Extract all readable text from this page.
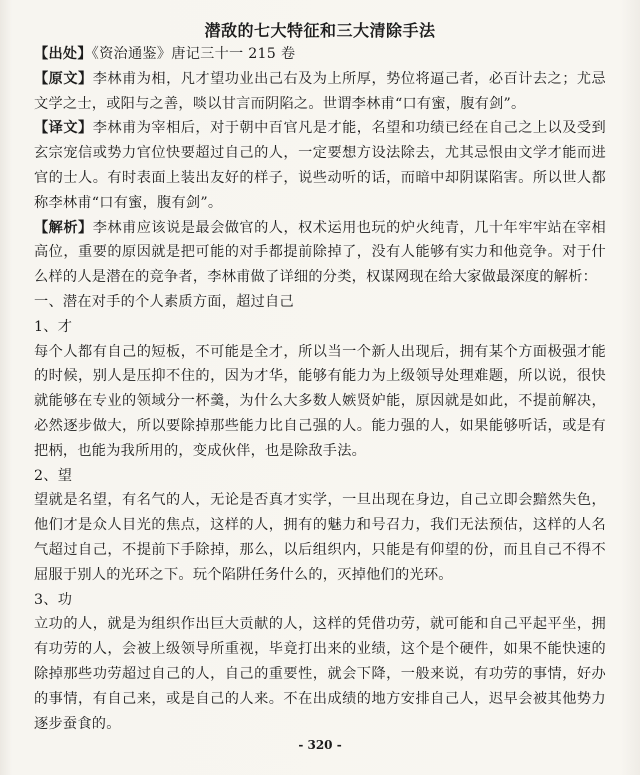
潜敌的七大特征和三大清除手法

【出处】《资治通鉴》唐记三十一 215 卷

【原文】李林甫为相，凡才望功业出己右及为上所厚，势位将逼己者，必百计去之；尤忌文学之士，或阳与之善，啖以甘言而阴陷之。世谓李林甫“口有蜜，腹有剑”。

【译文】李林甫为宰相后，对于朝中百官凡是才能，名望和功绩已经在自己之上以及受到玄宗宠信或势力官位快要超过自己的人，一定要想方设法除去，尤其忌恨由文学才能而进官的士人。有时表面上装出友好的样子，说些动听的话，而暗中却阴谋陷害。所以世人都称李林甫“口有蜜，腹有剑”。

【解析】李林甫应该说是最会做官的人，权术运用也玩的炉火纯青，几十年牢牢站在宰相高位，重要的原因就是把可能的对手都提前除掉了，没有人能够有实力和他竞争。对于什么样的人是潜在的竞争者，李林甫做了详细的分类，权谋网现在给大家做最深度的解析：

一、潜在对手的个人素质方面，超过自己

1、才

每个人都有自己的短板，不可能是全才，所以当一个新人出现后，拥有某个方面极强才能的时候，别人是压抑不住的，因为才华，能够有能力为上级领导处理难题，所以说，很快就能够在专业的领域分一杯羹，为什么大多数人嫉贤妒能，原因就是如此，不提前解决，必然逐步做大，所以要除掉那些能力比自己强的人。能力强的人，如果能够听话，或是有把柄，也能为我所用的，变成伙伴，也是除敌手法。

2、望

望就是名望，有名气的人，无论是否真才实学，一旦出现在身边，自己立即会黯然失色，他们才是众人目光的焦点，这样的人，拥有的魅力和号召力，我们无法预估，这样的人名气超过自己，不提前下手除掉，那么，以后组织内，只能是有仰望的份，而且自己不得不屈服于别人的光环之下。玩个陷阱任务什么的，灭掉他们的光环。

3、功

立功的人，就是为组织作出巨大贡献的人，这样的凭借功劳，就可能和自己平起平坐，拥有功劳的人，会被上级领导所重视，毕竟打出来的业绩，这个是个硬件，如果不能快速的除掉那些功劳超过自己的人，自己的重要性，就会下降，一般来说，有功劳的事情，好办的事情，有自己来，或是自己的人来。不在出成绩的地方安排自己人，迟早会被其他势力逐步蚕食的。

- 320 -
